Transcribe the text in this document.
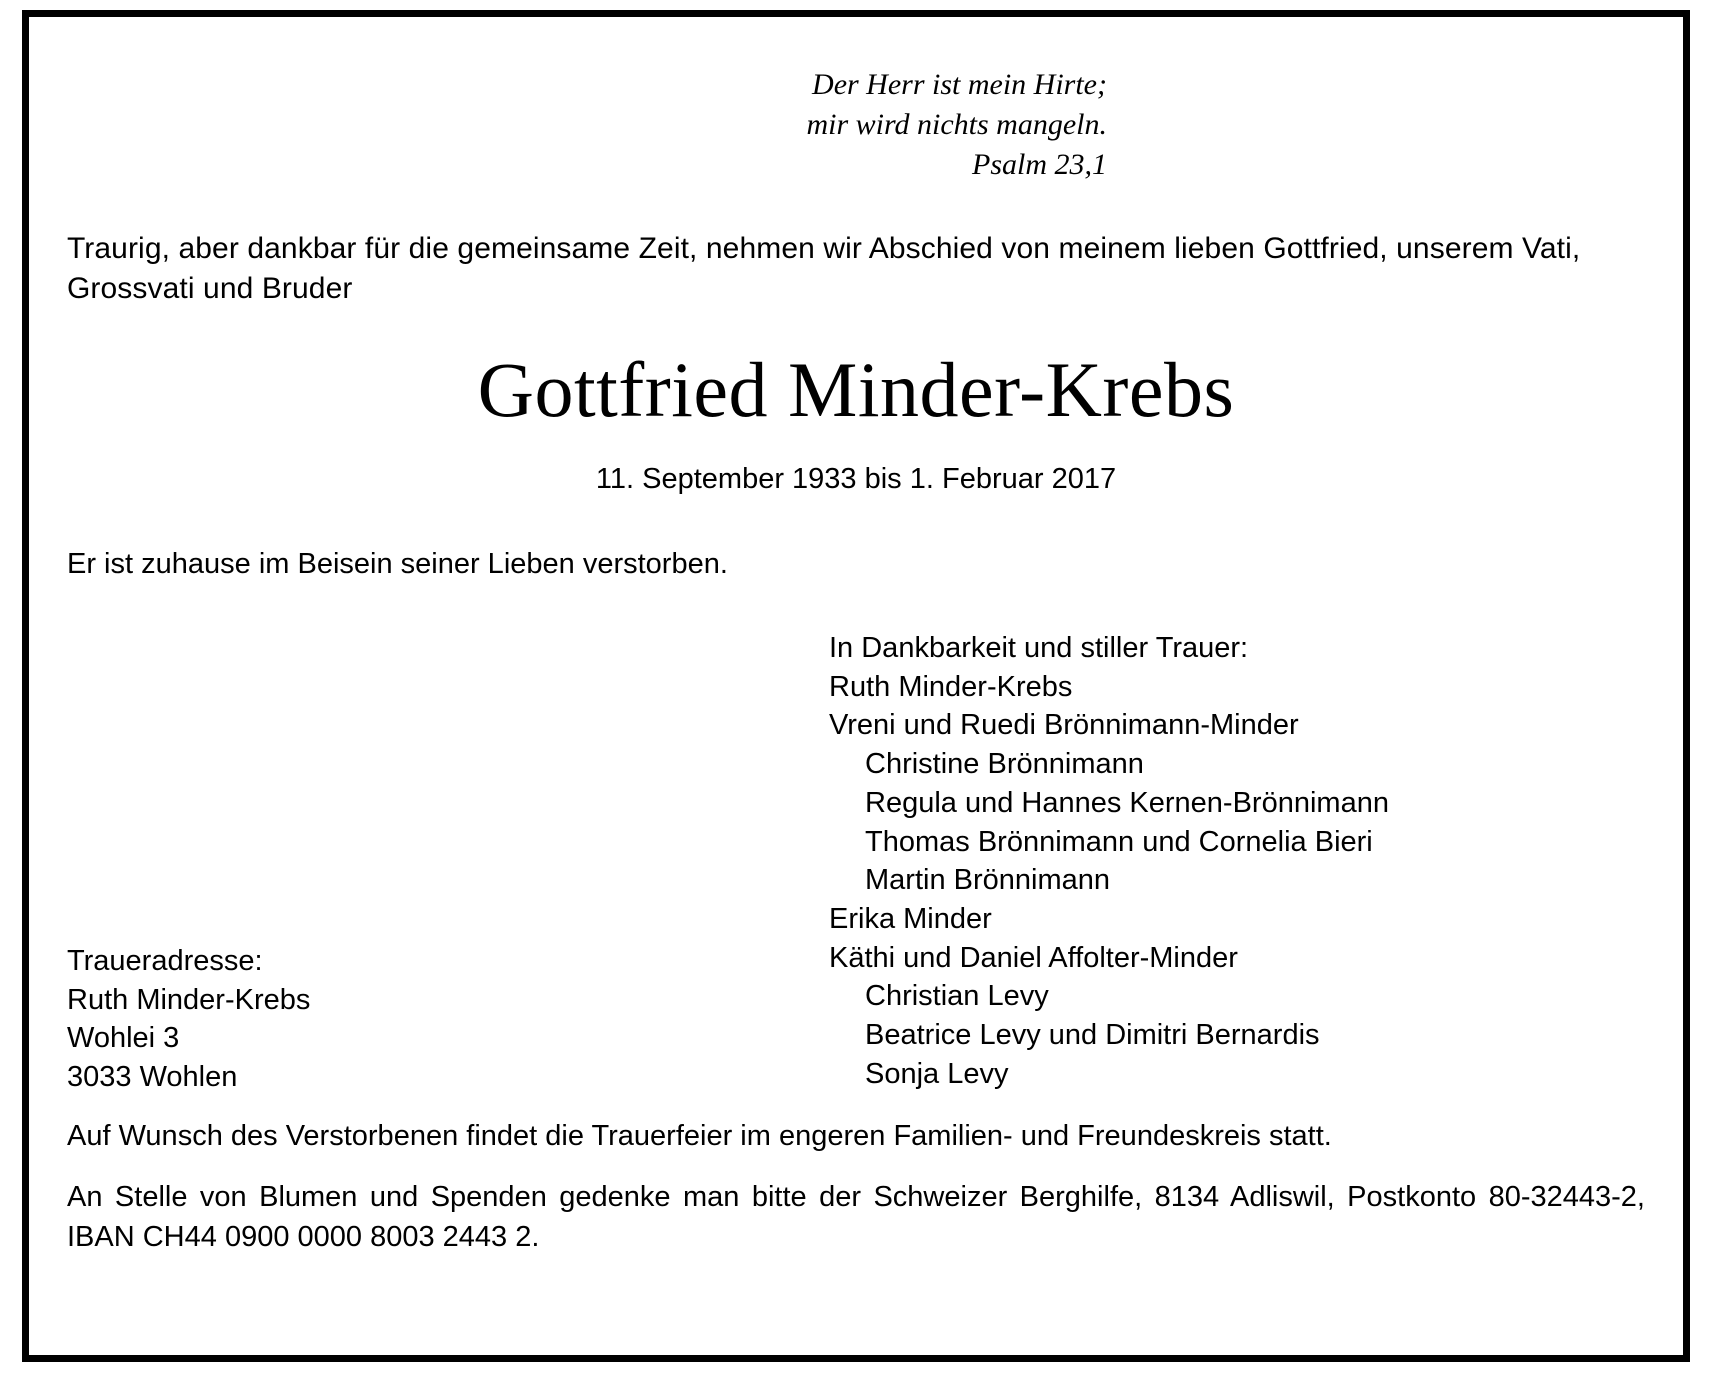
Der Herr ist mein Hirte;
mir wird nichts mangeln.
Psalm 23,1
Traurig, aber dankbar für die gemeinsame Zeit, nehmen wir Abschied von meinem lieben Gottfried, unserem Vati, Grossvati und Bruder
Gottfried Minder-Krebs
11. September 1933 bis 1. Februar 2017
Er ist zuhause im Beisein seiner Lieben verstorben.
In Dankbarkeit und stiller Trauer:
Ruth Minder-Krebs
Vreni und Ruedi Brönnimann-Minder
Christine Brönnimann
Regula und Hannes Kernen-Brönnimann
Thomas Brönnimann und Cornelia Bieri
Martin Brönnimann
Erika Minder
Käthi und Daniel Affolter-Minder
Christian Levy
Beatrice Levy und Dimitri Bernardis
Sonja Levy
Traueradresse:
Ruth Minder-Krebs
Wohlei 3
3033 Wohlen
Auf Wunsch des Verstorbenen findet die Trauerfeier im engeren Familien- und Freundeskreis statt.
An Stelle von Blumen und Spenden gedenke man bitte der Schweizer Berghilfe, 8134 Adliswil, Postkonto 80-32443-2, IBAN CH44 0900 0000 8003 2443 2.
